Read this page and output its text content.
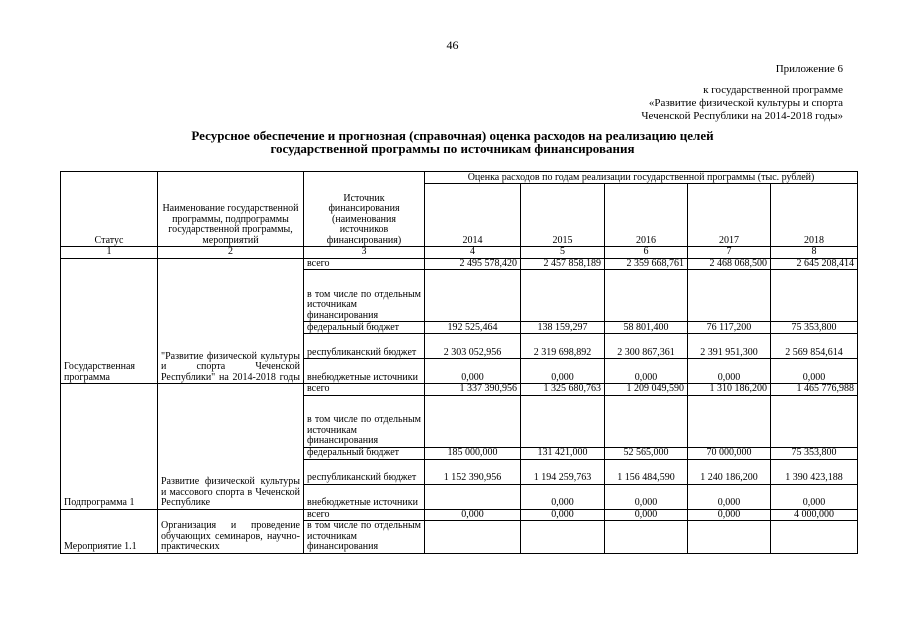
46
Приложение 6
к государственной программе
«Развитие физической культуры и спорта
Чеченской Республики на 2014-2018 годы»
Ресурсное обеспечение и прогнозная (справочная) оценка расходов на реализацию целей
государственной программы по источникам финансирования
Статус	Наименование государственной программы, подпрограммы государственной программы, мероприятий	Источник финансирования (наименования источников финансирования)	Оценка расходов по годам реализации государственной программы (тыс. рублей)				
			2014	2015	2016	2017	2018
1	2	3	4	5	6	7	8
Государственная программа	"Развитие физической культуры и спорта Чеченской Республики" на 2014-2018 годы	всего	2 495 578,420	2 457 858,189	2 359 668,761	2 468 068,500	2 645 208,414
		в том числе по отдельным источникам финансирования					
		федеральный бюджет	192 525,464	138 159,297	58 801,400	76 117,200	75 353,800
		республиканский бюджет	2 303 052,956	2 319 698,892	2 300 867,361	2 391 951,300	2 569 854,614
		внебюджетные источники	0,000	0,000	0,000	0,000	0,000
Подпрограмма 1	Развитие физической культуры и массового спорта в Чеченской Республике	всего	1 337 390,956	1 325 680,763	1 209 049,590	1 310 186,200	1 465 776,988
		в том числе по отдельным источникам финансирования					
		федеральный бюджет	185 000,000	131 421,000	52 565,000	70 000,000	75 353,800
		республиканский бюджет	1 152 390,956	1 194 259,763	1 156 484,590	1 240 186,200	1 390 423,188
		внебюджетные источники		0,000	0,000	0,000	0,000
Мероприятие 1.1	Организация и проведение обучающих семинаров, научно-практических	всего	0,000	0,000	0,000	0,000	4 000,000
		в том числе по отдельным источникам финансирования					
